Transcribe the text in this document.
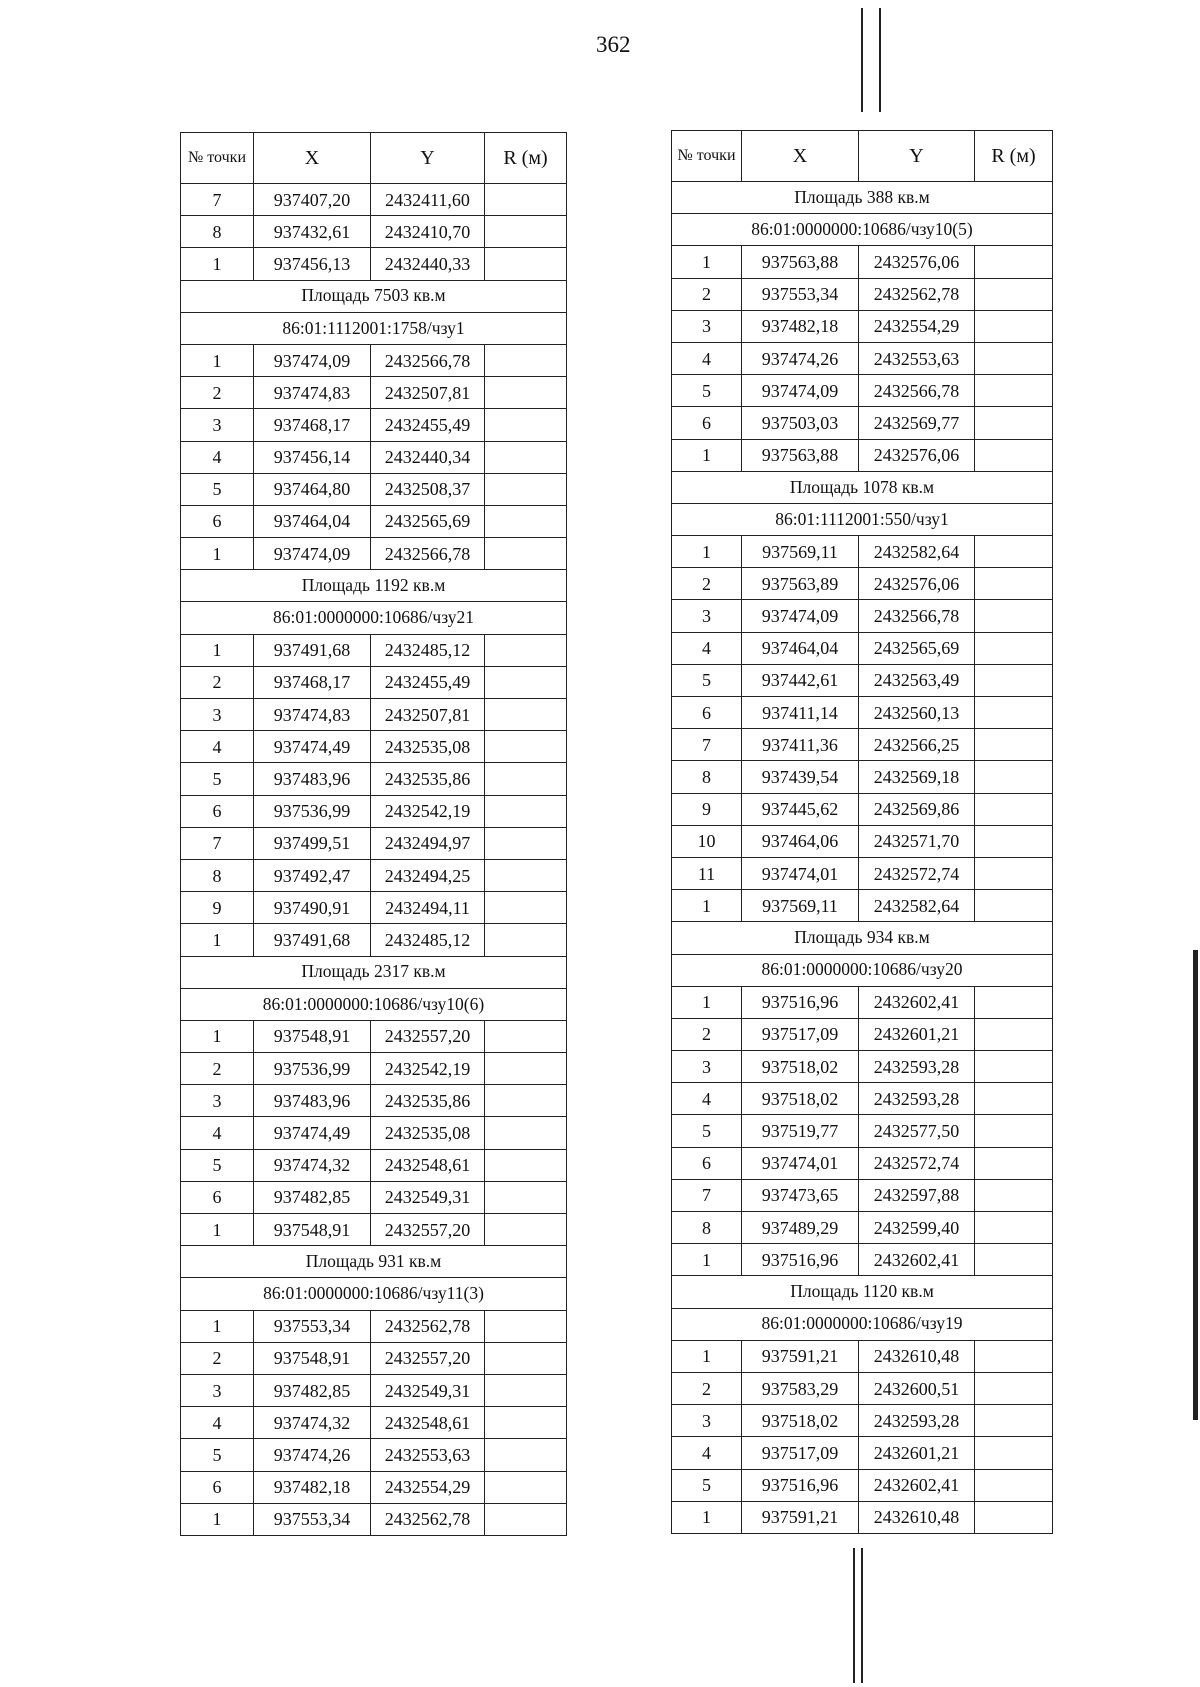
362
№ точки	X	Y	R (м)
7	937407,20	2432411,60	
8	937432,61	2432410,70	
1	937456,13	2432440,33	
Площадь 7503 кв.м			
86:01:1112001:1758/чзу1			
1	937474,09	2432566,78	
2	937474,83	2432507,81	
3	937468,17	2432455,49	
4	937456,14	2432440,34	
5	937464,80	2432508,37	
6	937464,04	2432565,69	
1	937474,09	2432566,78	
Площадь 1192 кв.м			
86:01:0000000:10686/чзу21			
1	937491,68	2432485,12	
2	937468,17	2432455,49	
3	937474,83	2432507,81	
4	937474,49	2432535,08	
5	937483,96	2432535,86	
6	937536,99	2432542,19	
7	937499,51	2432494,97	
8	937492,47	2432494,25	
9	937490,91	2432494,11	
1	937491,68	2432485,12	
Площадь 2317 кв.м			
86:01:0000000:10686/чзу10(6)			
1	937548,91	2432557,20	
2	937536,99	2432542,19	
3	937483,96	2432535,86	
4	937474,49	2432535,08	
5	937474,32	2432548,61	
6	937482,85	2432549,31	
1	937548,91	2432557,20	
Площадь 931 кв.м			
86:01:0000000:10686/чзу11(3)			
1	937553,34	2432562,78	
2	937548,91	2432557,20	
3	937482,85	2432549,31	
4	937474,32	2432548,61	
5	937474,26	2432553,63	
6	937482,18	2432554,29	
1	937553,34	2432562,78	
№ точки	X	Y	R (м)
Площадь 388 кв.м			
86:01:0000000:10686/чзу10(5)			
1	937563,88	2432576,06	
2	937553,34	2432562,78	
3	937482,18	2432554,29	
4	937474,26	2432553,63	
5	937474,09	2432566,78	
6	937503,03	2432569,77	
1	937563,88	2432576,06	
Площадь 1078 кв.м			
86:01:1112001:550/чзу1			
1	937569,11	2432582,64	
2	937563,89	2432576,06	
3	937474,09	2432566,78	
4	937464,04	2432565,69	
5	937442,61	2432563,49	
6	937411,14	2432560,13	
7	937411,36	2432566,25	
8	937439,54	2432569,18	
9	937445,62	2432569,86	
10	937464,06	2432571,70	
11	937474,01	2432572,74	
1	937569,11	2432582,64	
Площадь 934 кв.м			
86:01:0000000:10686/чзу20			
1	937516,96	2432602,41	
2	937517,09	2432601,21	
3	937518,02	2432593,28	
4	937518,02	2432593,28	
5	937519,77	2432577,50	
6	937474,01	2432572,74	
7	937473,65	2432597,88	
8	937489,29	2432599,40	
1	937516,96	2432602,41	
Площадь 1120 кв.м			
86:01:0000000:10686/чзу19			
1	937591,21	2432610,48	
2	937583,29	2432600,51	
3	937518,02	2432593,28	
4	937517,09	2432601,21	
5	937516,96	2432602,41	
1	937591,21	2432610,48	
